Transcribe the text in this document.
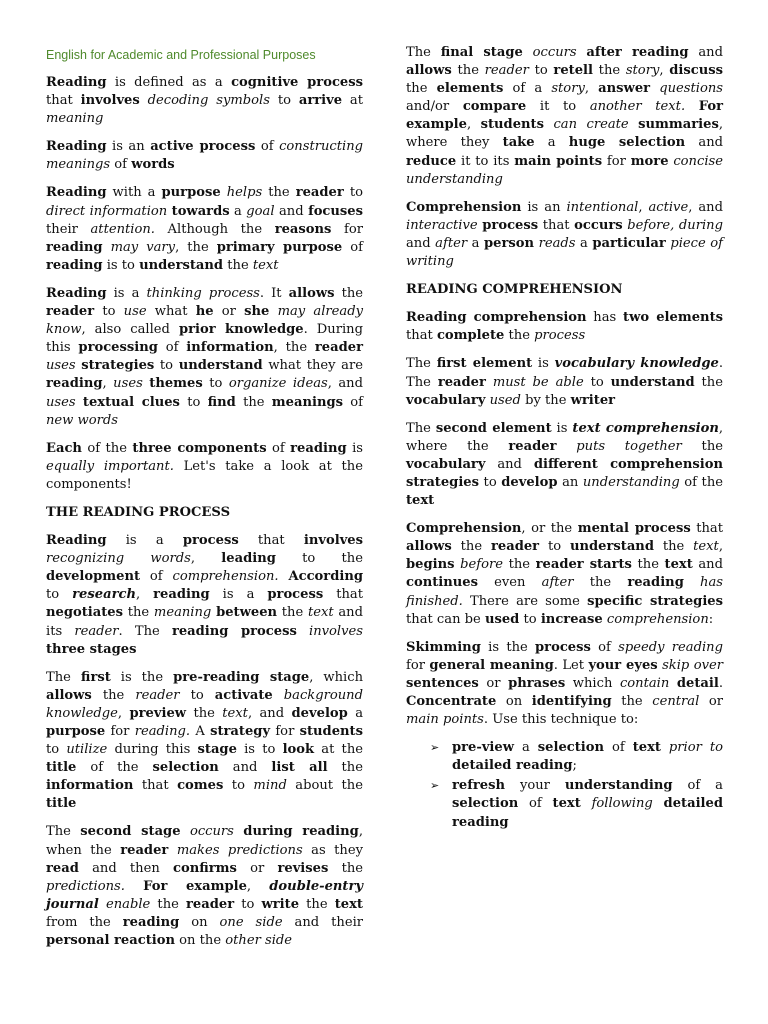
English for Academic and Professional Purposes

Reading is defined as a cognitive process that involves decoding symbols to arrive at meaning

Reading is an active process of constructing meanings of words

Reading with a purpose helps the reader to direct information towards a goal and focuses their attention. Although the reasons for reading may vary, the primary purpose of reading is to understand the text

Reading is a thinking process. It allows the reader to use what he or she may already know, also called prior knowledge. During this processing of information, the reader uses strategies to understand what they are reading, uses themes to organize ideas, and uses textual clues to find the meanings of new words

Each of the three components of reading is equally important. Let's take a look at the components!

THE READING PROCESS

Reading is a process that involves recognizing words, leading to the development of comprehension. According to research, reading is a process that negotiates the meaning between the text and its reader. The reading process involves three stages

The first is the pre-reading stage, which allows the reader to activate background knowledge, preview the text, and develop a purpose for reading. A strategy for students to utilize during this stage is to look at the title of the selection and list all the information that comes to mind about the title

The second stage occurs during reading, when the reader makes predictions as they read and then confirms or revises the predictions. For example, double-entry journal enable the reader to write the text from the reading on one side and their personal reaction on the other side

The final stage occurs after reading and allows the reader to retell the story, discuss the elements of a story, answer questions and/or compare it to another text. For example, students can create summaries, where they take a huge selection and reduce it to its main points for more concise understanding

Comprehension is an intentional, active, and interactive process that occurs before, during and after a person reads a particular piece of writing

READING COMPREHENSION

Reading comprehension has two elements that complete the process

The first element is vocabulary knowledge. The reader must be able to understand the vocabulary used by the writer

The second element is text comprehension, where the reader puts together the vocabulary and different comprehension strategies to develop an understanding of the text

Comprehension, or the mental process that allows the reader to understand the text, begins before the reader starts the text and continues even after the reading has finished. There are some specific strategies that can be used to increase comprehension:

Skimming is the process of speedy reading for general meaning. Let your eyes skip over sentences or phrases which contain detail. Concentrate on identifying the central or main points. Use this technique to:

➢ pre-view a selection of text prior to detailed reading;
➢ refresh your understanding of a selection of text following detailed reading
